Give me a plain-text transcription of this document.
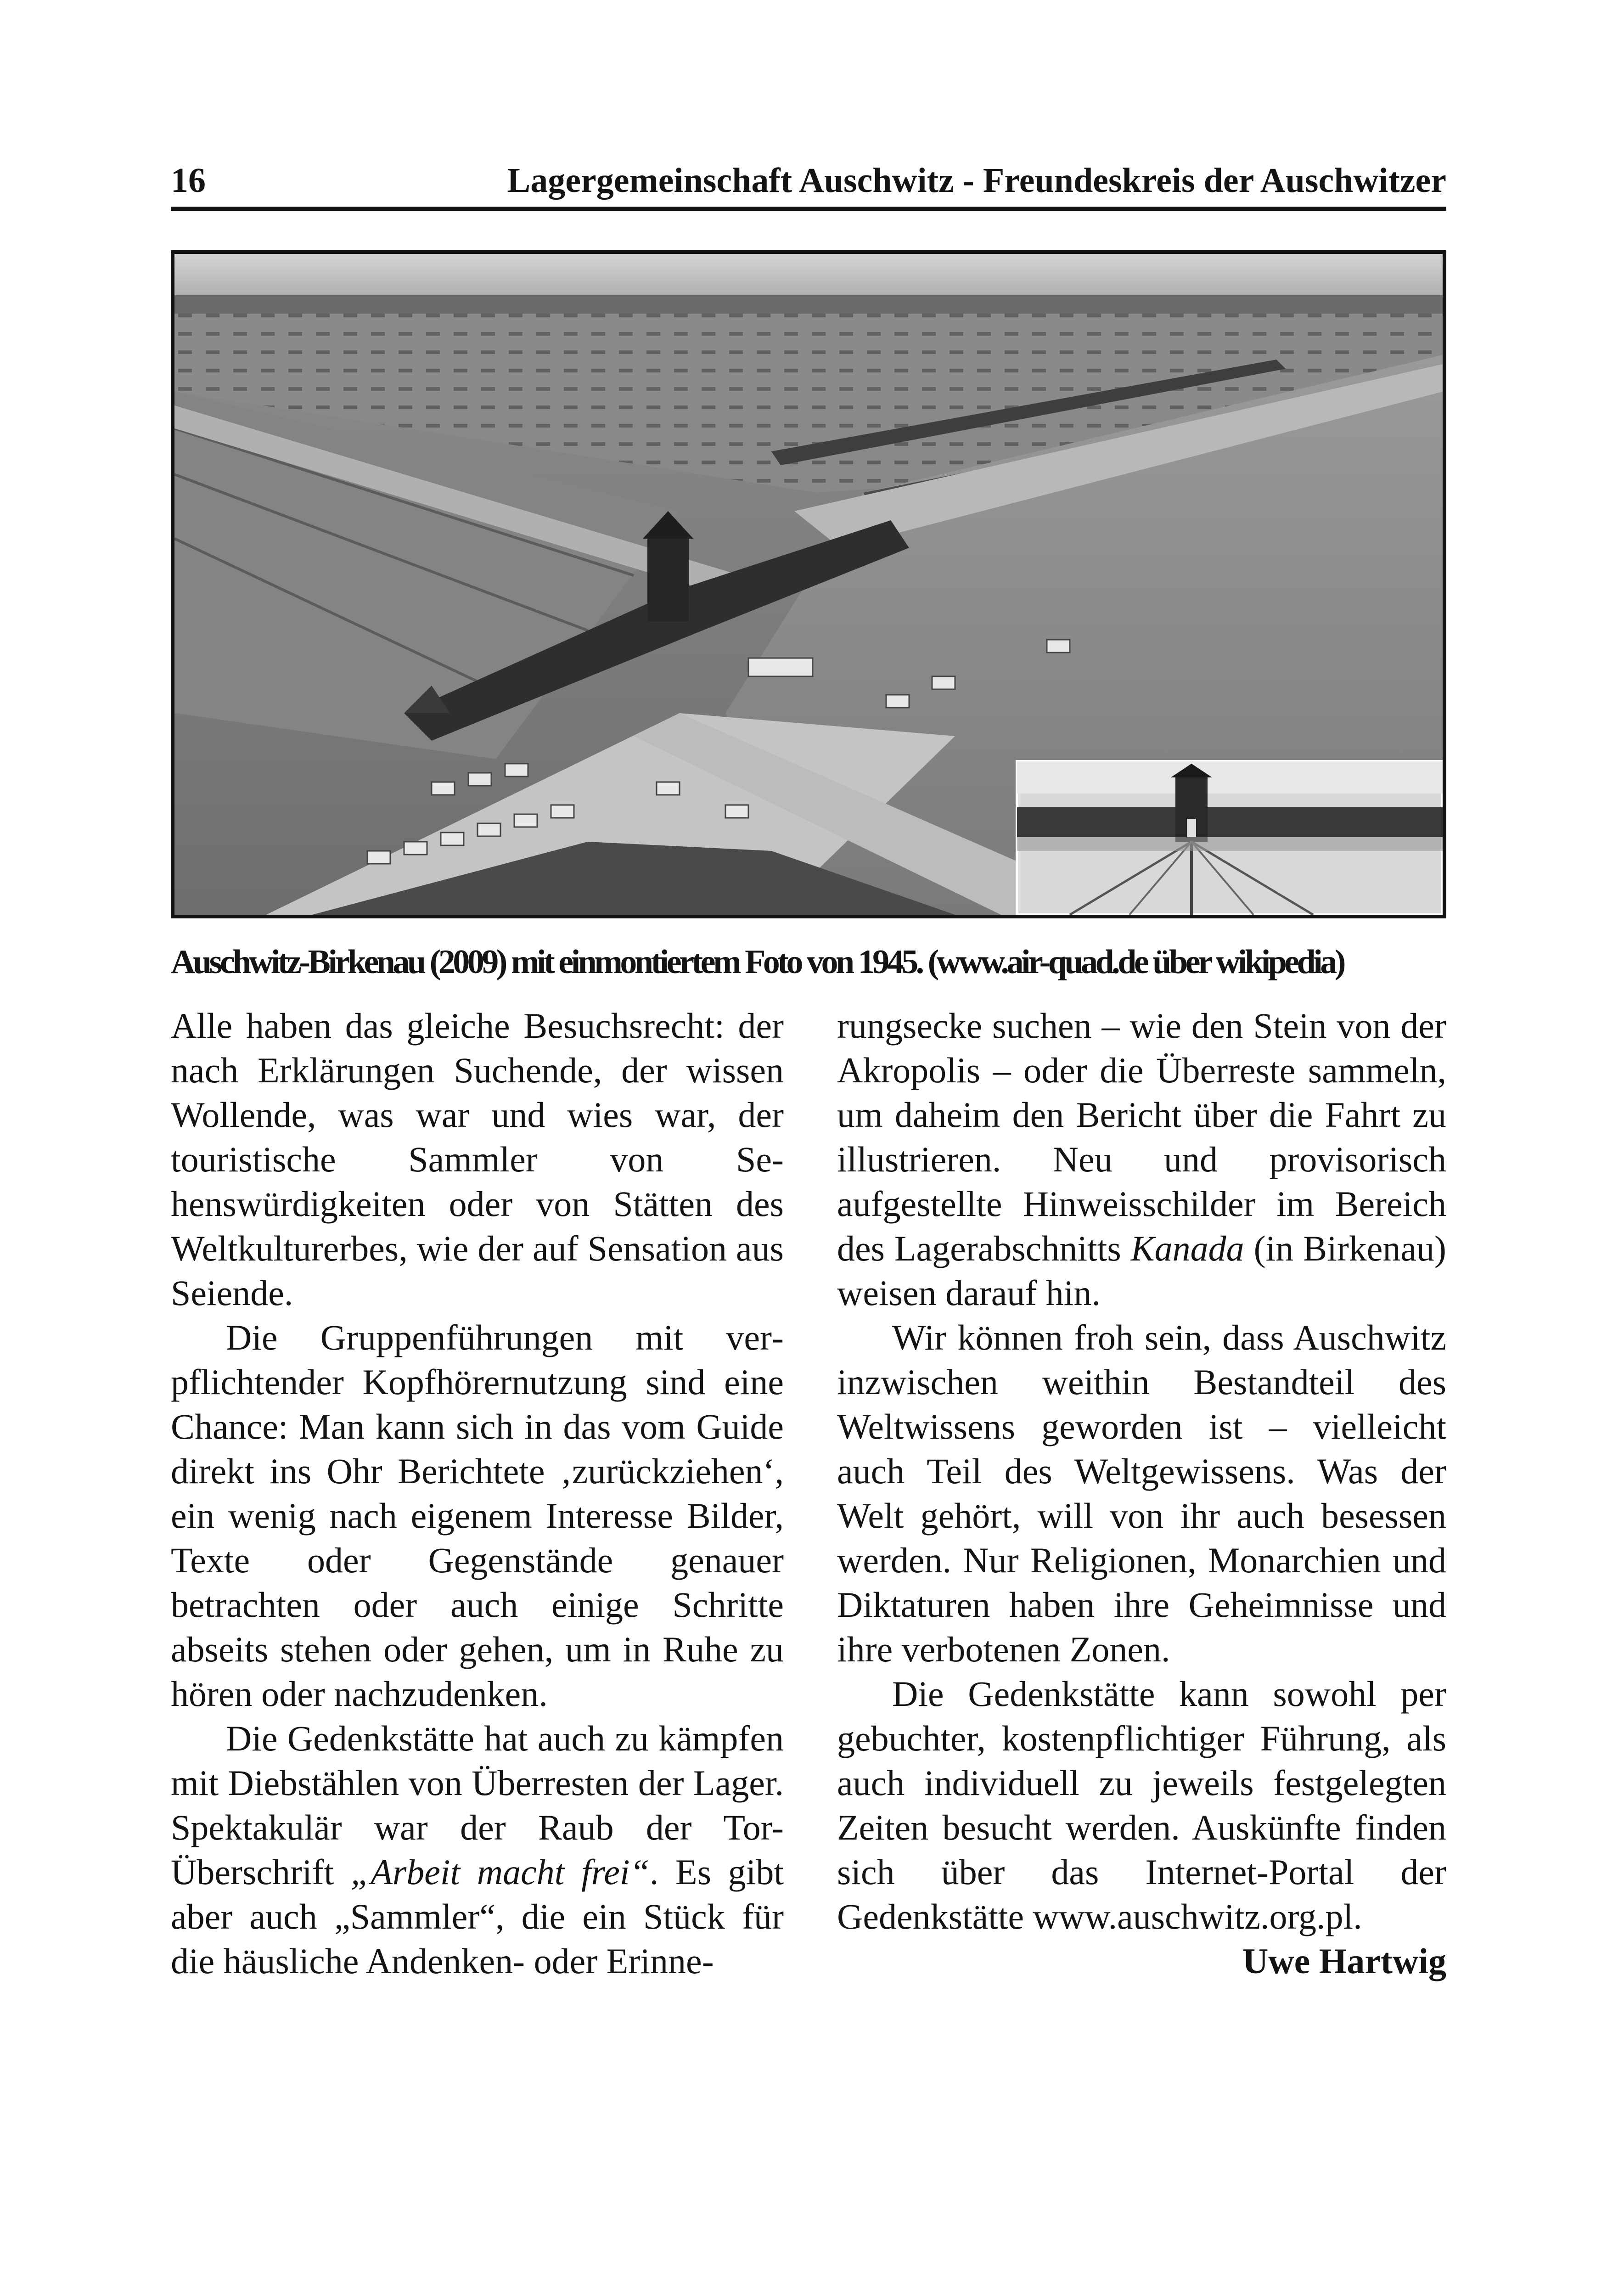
16	Lagergemeinschaft Auschwitz - Freundeskreis der Auschwitzer
Auschwitz-Birkenau (2009) mit einmontiertem Foto von 1945. (www.air-quad.de über wikipedia)

Alle haben das gleiche Besuchsrecht: der nach Erklärungen Suchende, der wissen Wollende, was war und wies war, der touristische Sammler von Sehenswürdigkeiten oder von Stätten des Weltkulturerbes, wie der auf Sensation aus Seiende.

Die Gruppenführungen mit verpflichtender Kopfhörernutzung sind eine Chance: Man kann sich in das vom Guide direkt ins Ohr Berichtete ‚zurückziehen‘, ein wenig nach eigenem Interesse Bilder, Texte oder Gegenstände genauer betrachten oder auch einige Schritte abseits stehen oder gehen, um in Ruhe zu hören oder nachzudenken.

Die Gedenkstätte hat auch zu kämpfen mit Diebstählen von Überresten der Lager. Spektakulär war der Raub der Tor-Überschrift „Arbeit macht frei“. Es gibt aber auch „Sammler“, die ein Stück für die häusliche Andenken- oder Erinne-

rungsecke suchen – wie den Stein von der Akropolis – oder die Überreste sammeln, um daheim den Bericht über die Fahrt zu illustrieren. Neu und provisorisch aufgestellte Hinweisschilder im Bereich des Lagerabschnitts Kanada (in Birkenau) weisen darauf hin.

Wir können froh sein, dass Auschwitz inzwischen weithin Bestandteil des Weltwissens geworden ist – vielleicht auch Teil des Weltgewissens. Was der Welt gehört, will von ihr auch besessen werden. Nur Religionen, Monarchien und Diktaturen haben ihre Geheimnisse und ihre verbotenen Zonen.

Die Gedenkstätte kann sowohl per gebuchter, kostenpflichtiger Führung, als auch individuell zu jeweils festgelegten Zeiten besucht werden. Auskünfte finden sich über das Internet-Portal der Gedenkstätte www.auschwitz.org.pl.

Uwe Hartwig
